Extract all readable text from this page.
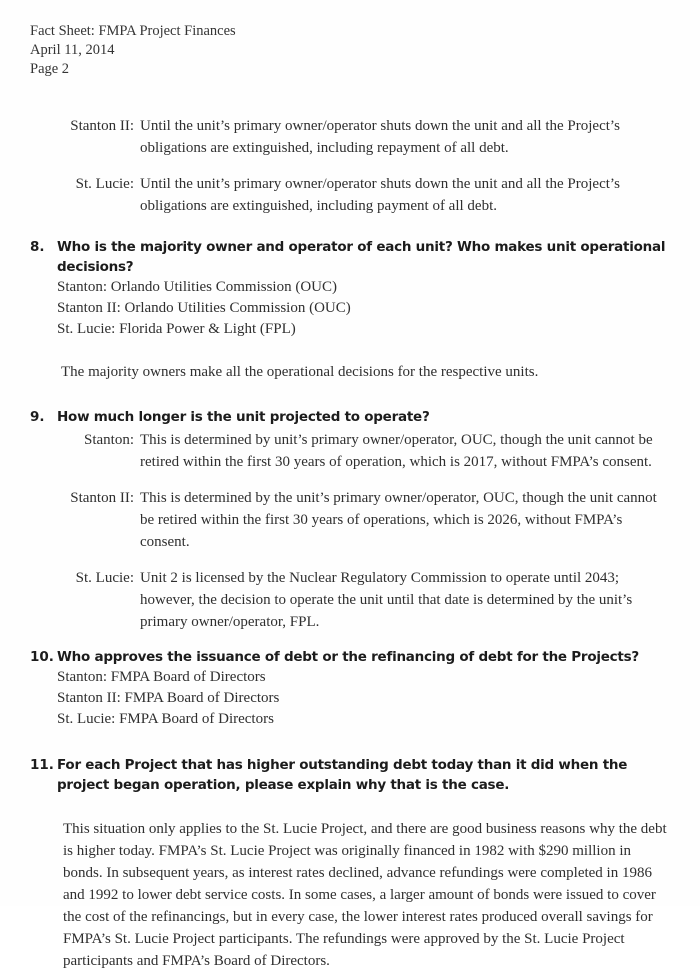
Fact Sheet: FMPA Project Finances
April 11, 2014
Page 2
Stanton II: Until the unit’s primary owner/operator shuts down the unit and all the Project’s obligations are extinguished, including repayment of all debt.
St. Lucie: Until the unit’s primary owner/operator shuts down the unit and all the Project’s obligations are extinguished, including payment of all debt.
8. Who is the majority owner and operator of each unit? Who makes unit operational decisions?
Stanton: Orlando Utilities Commission (OUC)
Stanton II: Orlando Utilities Commission (OUC)
St. Lucie: Florida Power & Light (FPL)
The majority owners make all the operational decisions for the respective units.
9. How much longer is the unit projected to operate?
Stanton: This is determined by unit’s primary owner/operator, OUC, though the unit cannot be retired within the first 30 years of operation, which is 2017, without FMPA’s consent.
Stanton II: This is determined by the unit’s primary owner/operator, OUC, though the unit cannot be retired within the first 30 years of operations, which is 2026, without FMPA’s consent.
St. Lucie: Unit 2 is licensed by the Nuclear Regulatory Commission to operate until 2043; however, the decision to operate the unit until that date is determined by the unit’s primary owner/operator, FPL.
10. Who approves the issuance of debt or the refinancing of debt for the Projects?
Stanton: FMPA Board of Directors
Stanton II: FMPA Board of Directors
St. Lucie: FMPA Board of Directors
11. For each Project that has higher outstanding debt today than it did when the project began operation, please explain why that is the case.
This situation only applies to the St. Lucie Project, and there are good business reasons why the debt is higher today. FMPA’s St. Lucie Project was originally financed in 1982 with $290 million in bonds. In subsequent years, as interest rates declined, advance refundings were completed in 1986 and 1992 to lower debt service costs. In some cases, a larger amount of bonds were issued to cover the cost of the refinancings, but in every case, the lower interest rates produced overall savings for FMPA’s St. Lucie Project participants. The refundings were approved by the St. Lucie Project participants and FMPA’s Board of Directors.
